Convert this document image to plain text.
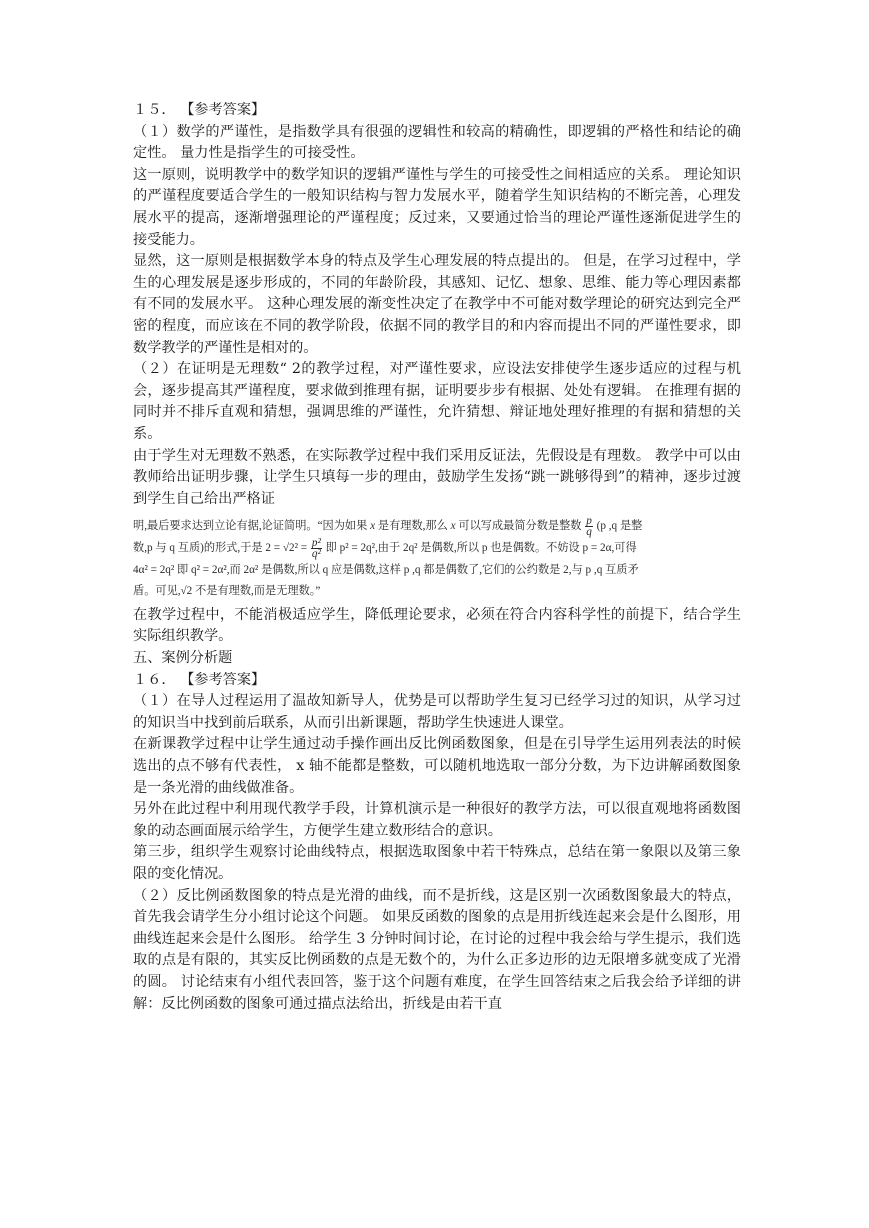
１５． 【参考答案】

（１）数学的严谨性，是指数学具有很强的逻辑性和较高的精确性，即逻辑的严格性和结论的确定性。 量力性是指学生的可接受性。

这一原则，说明教学中的数学知识的逻辑严谨性与学生的可接受性之间相适应的关系。 理论知识的严谨程度要适合学生的一般知识结构与智力发展水平，随着学生知识结构的不断完善，心理发展水平的提高，逐渐增强理论的严谨程度；反过来，又要通过恰当的理论严谨性逐渐促进学生的接受能力。

显然，这一原则是根据数学本身的特点及学生心理发展的特点提出的。 但是，在学习过程中，学生的心理发展是逐步形成的，不同的年龄阶段，其感知、记忆、想象、思维、能力等心理因素都有不同的发展水平。 这种心理发展的渐变性决定了在教学中不可能对数学理论的研究达到完全严密的程度，而应该在不同的教学阶段，依据不同的教学目的和内容而提出不同的严谨性要求，即数学教学的严谨性是相对的。

（２）在证明是无理数“ 2的教学过程，对严谨性要求，应设法安排使学生逐步适应的过程与机会，逐步提高其严谨程度，要求做到推理有据，证明要步步有根据、处处有逻辑。 在推理有据的同时并不排斥直观和猜想，强调思维的严谨性，允许猜想、辩证地处理好推理的有据和猜想的关系。

由于学生对无理数不熟悉，在实际教学过程中我们采用反证法，先假设是有理数。 教学中可以由教师给出证明步骤，让学生只填每一步的理由，鼓励学生发扬“跳一跳够得到”的精神，逐步过渡到学生自己给出严格证

明,最后要求达到立论有据,论证简明。“因为如果 x 是有理数,那么 x 可以写成最简分数是整数 $\frac{p}{q} (p$ ,q 是整

数,p 与 q 互质)的形式,于是 $2 = √2^2 = \frac{\text{p²}}{\text{q²}}$ 即 p² = 2q²,由于 2q² 是偶数,所以 p 也是偶数。不妨设 p = 2α,可得

4α² = 2q² 即 q² = 2α²,而 2α² 是偶数,所以 q 应是偶数,这样 p ,q 都是偶数了,它们的公约数是 2,与 p ,q 互质矛

盾。可见,√2 不是有理数,而是无理数。”

在教学过程中，不能消极适应学生，降低理论要求，必须在符合内容科学性的前提下，结合学生实际组织教学。

五、案例分析题

１６． 【参考答案】

（１）在导人过程运用了温故知新导人，优势是可以帮助学生复习已经学习过的知识，从学习过的知识当中找到前后联系，从而引出新课题，帮助学生快速进人课堂。

在新课教学过程中让学生通过动手操作画出反比例函数图象，但是在引导学生运用列表法的时候选出的点不够有代表性， x 轴不能都是整数，可以随机地选取一部分分数，为下边讲解函数图象是一条光滑的曲线做准备。

另外在此过程中利用现代教学手段，计算机演示是一种很好的教学方法，可以很直观地将函数图象的动态画面展示给学生，方便学生建立数形结合的意识。

第三步，组织学生观察讨论曲线特点，根据选取图象中若干特殊点，总结在第一象限以及第三象限的变化情况。

（２）反比例函数图象的特点是光滑的曲线，而不是折线，这是区别一次函数图象最大的特点，首先我会请学生分小组讨论这个问题。 如果反函数的图象的点是用折线连起来会是什么图形，用曲线连起来会是什么图形。 给学生 3 分钟时间讨论，在讨论的过程中我会给与学生提示，我们选取的点是有限的，其实反比例函数的点是无数个的，为什么正多边形的边无限增多就变成了光滑的圆。 讨论结束有小组代表回答，鉴于这个问题有难度，在学生回答结束之后我会给予详细的讲解：反比例函数的图象可通过描点法给出，折线是由若干直
